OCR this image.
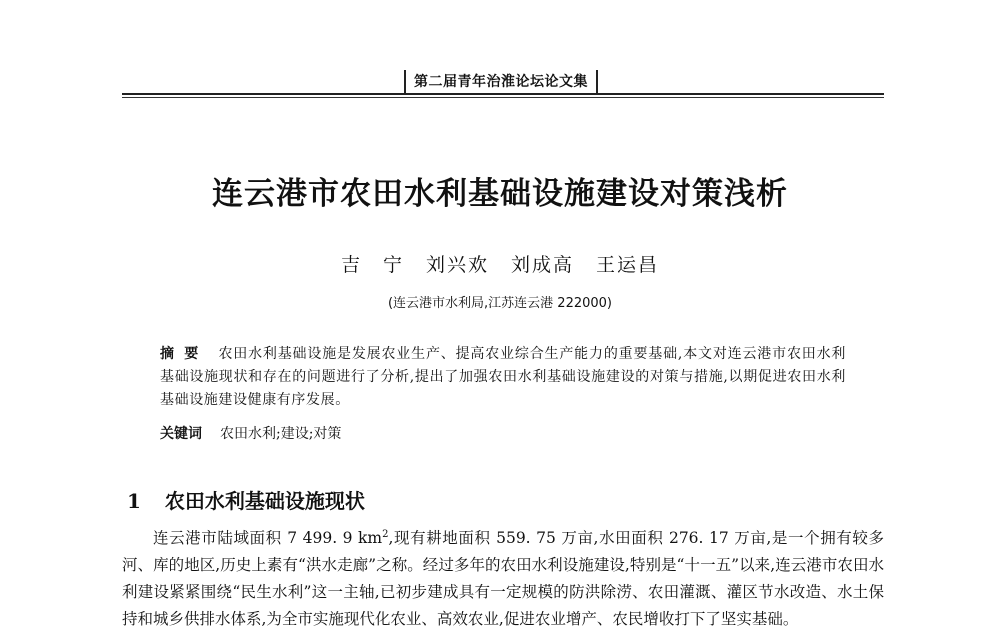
第二届青年治淮论坛论文集
连云港市农田水利基础设施建设对策浅析
吉　宁 刘兴欢 刘成高 王运昌
(连云港市水利局,江苏连云港 222000)
摘要 农田水利基础设施是发展农业生产、提高农业综合生产能力的重要基础,本文对连云港市农田水利基础设施现状和存在的问题进行了分析,提出了加强农田水利基础设施建设的对策与措施,以期促进农田水利基础设施建设健康有序发展。
关键词 农田水利;建设;对策
1 农田水利基础设施现状
连云港市陆域面积 7 499. 9 $km^2$,现有耕地面积 559. 75 万亩,水田面积 276. 17 万亩,是一个拥有较多河、库的地区,历史上素有“洪水走廊”之称。经过多年的农田水利设施建设,特别是“十一五”以来,连云港市农田水利建设紧紧围绕“民生水利”这一主轴,已初步建成具有一定规模的防洪除涝、农田灌溉、灌区节水改造、水土保持和城乡供排水体系,为全市实施现代化农业、高效农业,促进农业增产、农民增收打下了坚实基础。
